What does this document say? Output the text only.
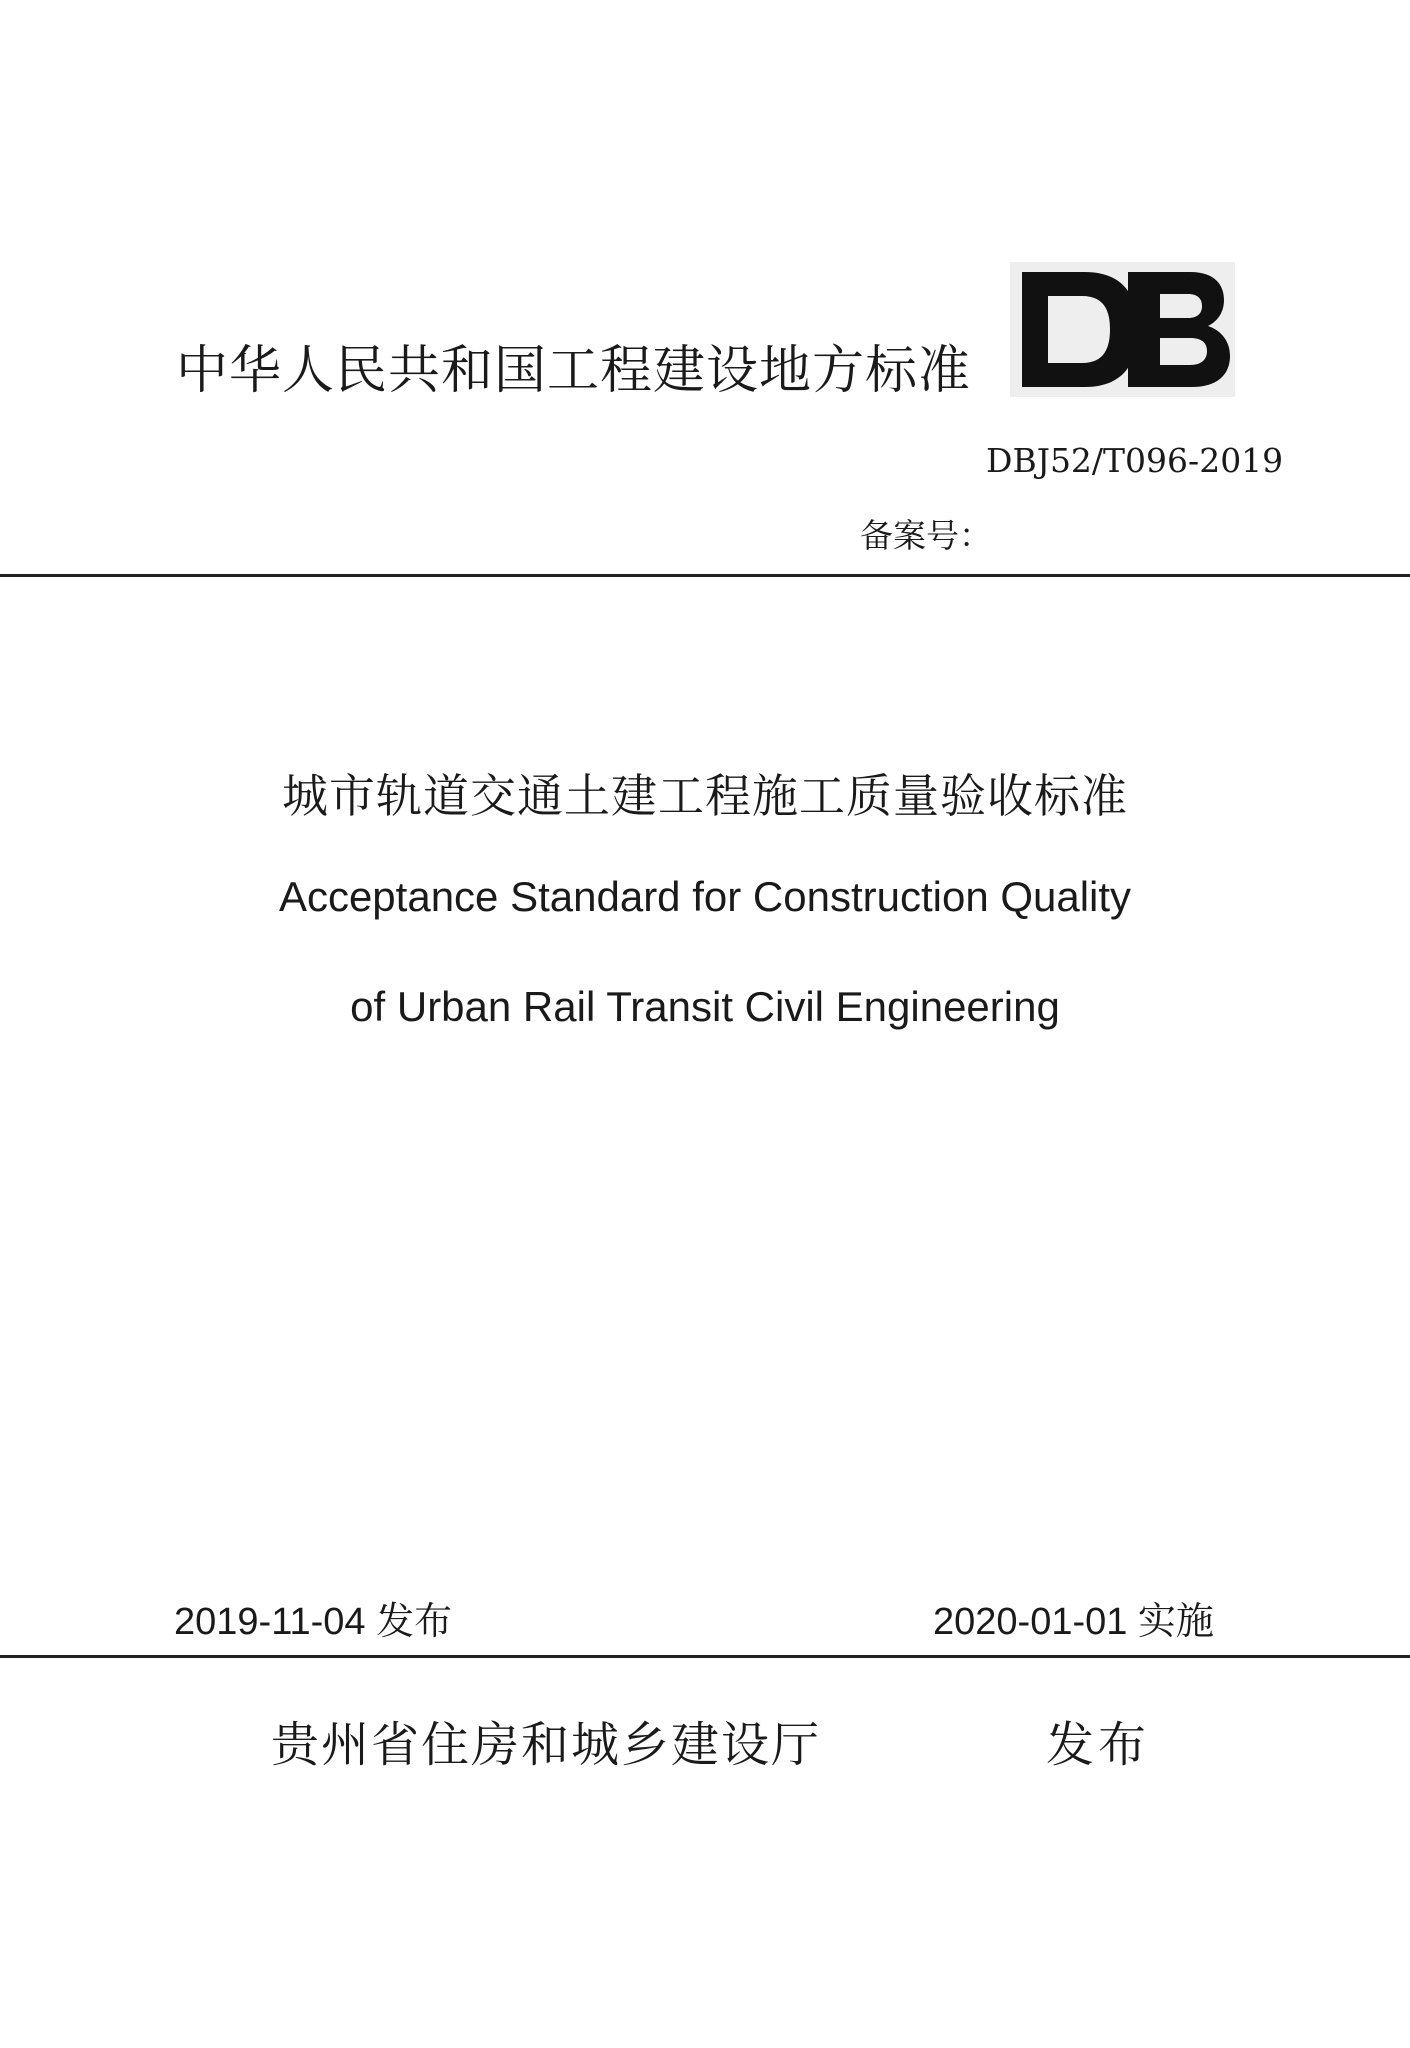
中华人民共和国工程建设地方标准
DBJ52/T096-2019
备案号：
城市轨道交通土建工程施工质量验收标准
Acceptance Standard for Construction Quality
of Urban Rail Transit Civil Engineering
2019-11-04 发布	2020-01-01 实施
贵州省住房和城乡建设厅	发布
